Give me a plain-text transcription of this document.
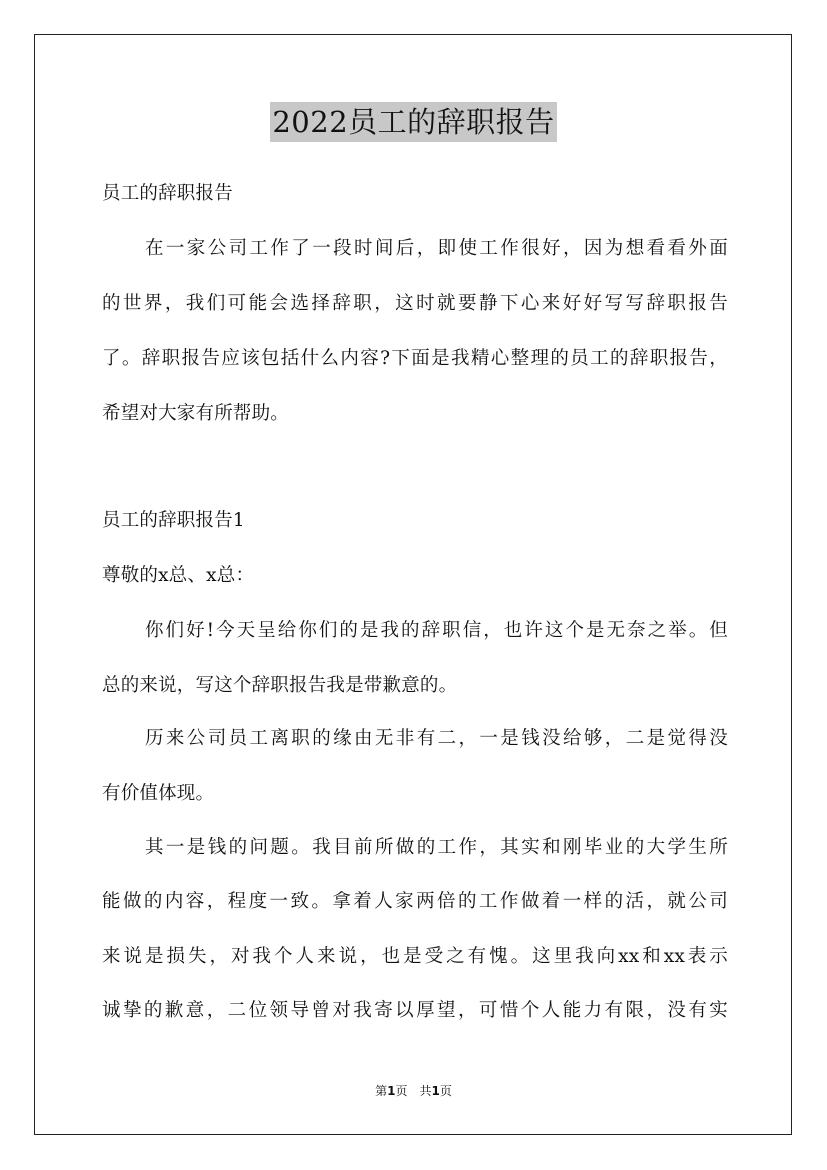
2022员工的辞职报告
员工的辞职报告
在一家公司工作了一段时间后，即使工作很好，因为想看看外面
的世界，我们可能会选择辞职，这时就要静下心来好好写写辞职报告
了。辞职报告应该包括什么内容?下面是我精心整理的员工的辞职报告，
希望对大家有所帮助。
员工的辞职报告1
尊敬的x总、x总：
你们好!今天呈给你们的是我的辞职信，也许这个是无奈之举。但
总的来说，写这个辞职报告我是带歉意的。
历来公司员工离职的缘由无非有二，一是钱没给够，二是觉得没
有价值体现。
其一是钱的问题。我目前所做的工作，其实和刚毕业的大学生所
能做的内容，程度一致。拿着人家两倍的工作做着一样的活，就公司
来说是损失，对我个人来说，也是受之有愧。这里我向xx和xx表示
诚挚的歉意，二位领导曾对我寄以厚望，可惜个人能力有限，没有实
第1页　共1页
